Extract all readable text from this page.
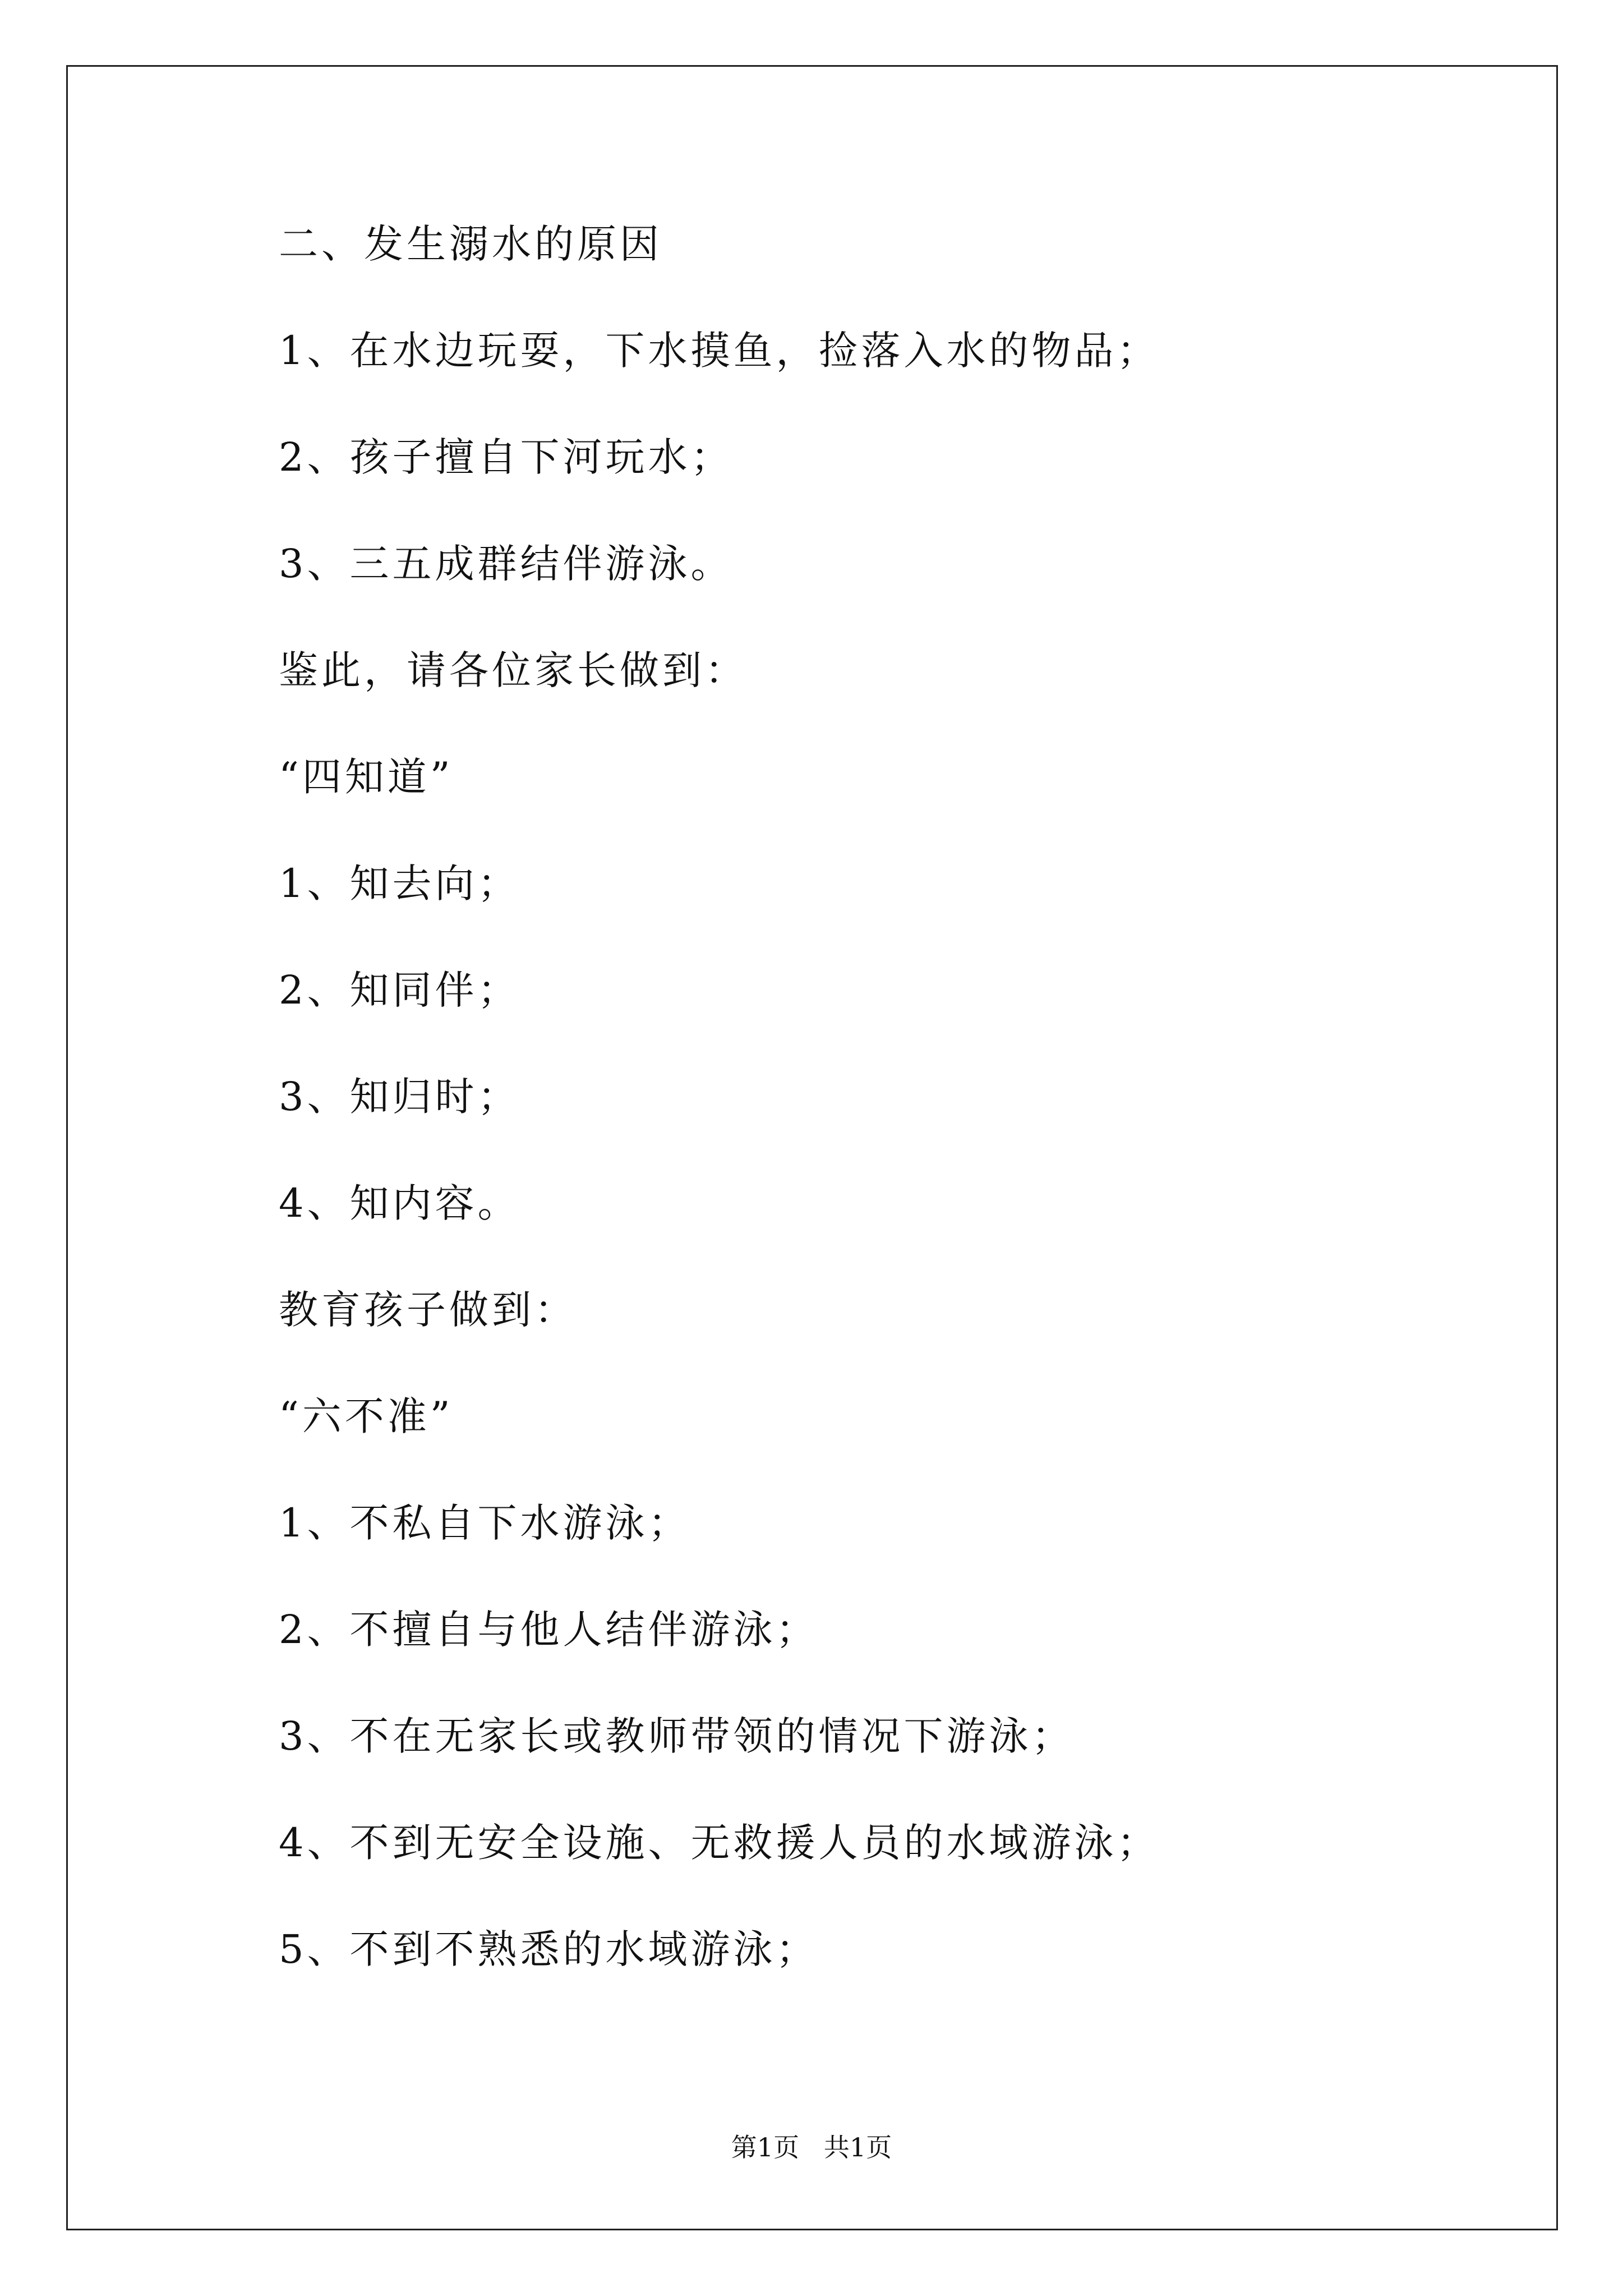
二、发生溺水的原因
1、在水边玩耍，下水摸鱼，捡落入水的物品；
2、孩子擅自下河玩水；
3、三五成群结伴游泳。
鉴此，请各位家长做到：
“四知道”
1、知去向；
2、知同伴；
3、知归时；
4、知内容。
教育孩子做到：
“六不准”
1、不私自下水游泳；
2、不擅自与他人结伴游泳；
3、不在无家长或教师带领的情况下游泳；
4、不到无安全设施、无救援人员的水域游泳；
5、不到不熟悉的水域游泳；
第1页   共1页
